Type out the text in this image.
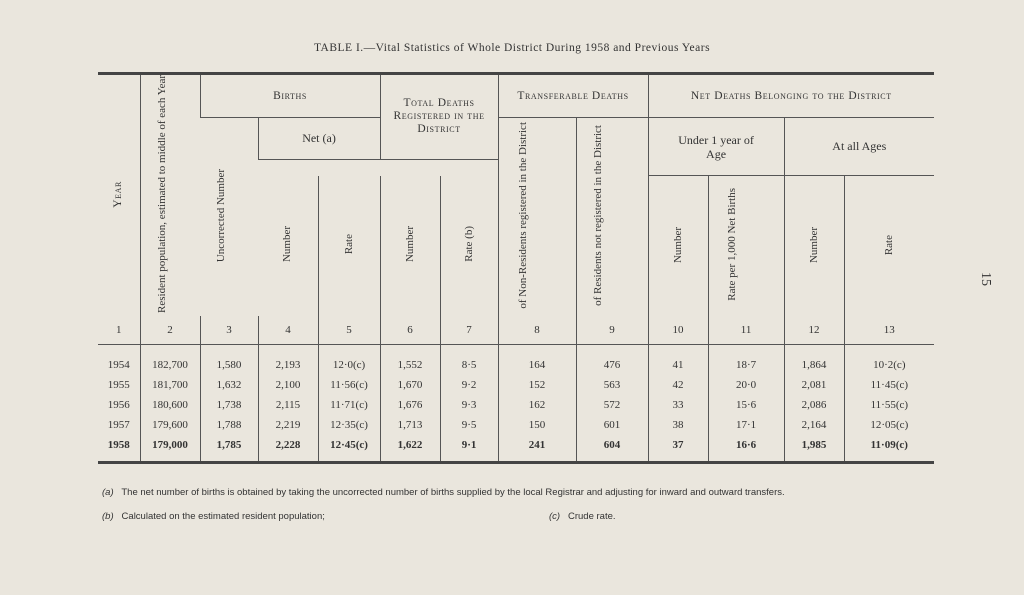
TABLE I.—Vital Statistics of Whole District During 1958 and Previous Years
15
Year	Resident population, estimated to middle of each Year	Births			Total Deaths Registered in the District		Transferable Deaths		Net Deaths Belonging to the District			
		Uncorrected Number	Net (a)				of Non-Residents registered in the District	of Residents not registered in the District	Under 1 year of Age		At all Ages	

			Number	Rate	Number	Rate (b)			Number	Rate per 1,000 Net Births	Number	Rate
1	2	3	4	5	6	7	8	9	10	11	12	13
1954	182,700	1,580	2,193	12·0(c)	1,552	8·5	164	476	41	18·7	1,864	10·2(c)
1955	181,700	1,632	2,100	11·56(c)	1,670	9·2	152	563	42	20·0	2,081	11·45(c)
1956	180,600	1,738	2,115	11·71(c)	1,676	9·3	162	572	33	15·6	2,086	11·55(c)
1957	179,600	1,788	2,219	12·35(c)	1,713	9·5	150	601	38	17·1	2,164	12·05(c)
1958	179,000	1,785	2,228	12·45(c)	1,622	9·1	241	604	37	16·6	1,985	11·09(c)
(a) The net number of births is obtained by taking the uncorrected number of births supplied by the local Registrar and adjusting for inward and outward transfers.
(b) Calculated on the estimated resident population;	(c) Crude rate.
